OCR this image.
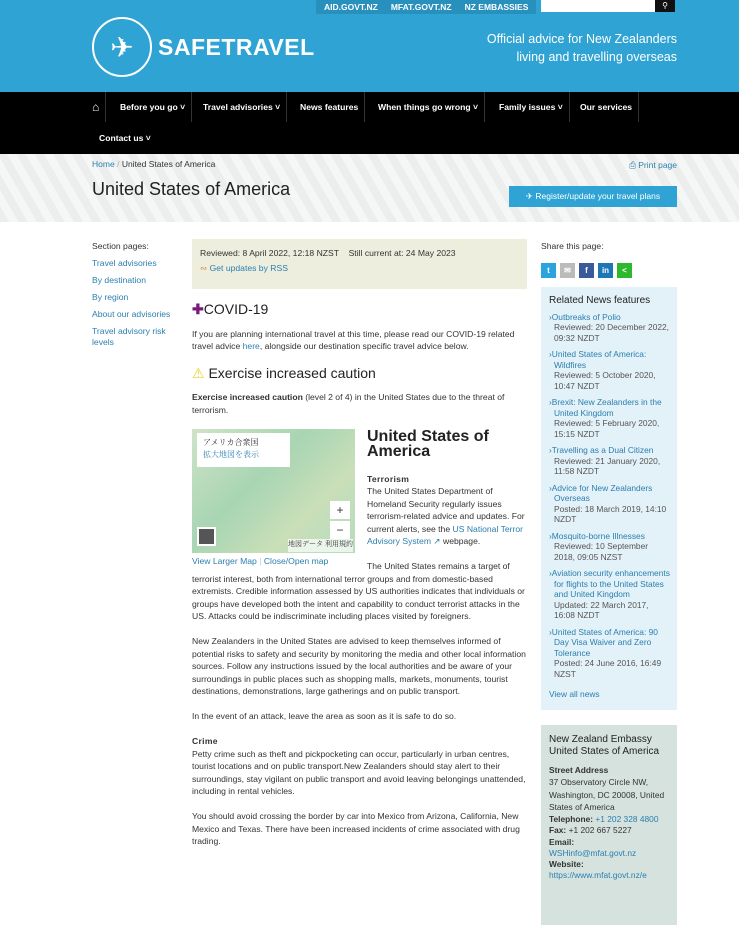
AID.GOVT.NZ MFAT.GOVT.NZ NZ EMBASSIES	⚲
✈ SAFETRAVEL	Official advice for New Zealanders
living and travelling overseas
⌂	Before you go ˅	Travel advisories ˅	News features	When things go wrong ˅	Family issues ˅	Our services
Contact us ˅
Home / United States of America	⎙ Print page
United States of America	✈ Register/update your travel plans
Section pages:
Travel advisories
By destination
By region
About our advisories
Travel advisory risk levels
Reviewed: 8 April 2022, 12:18 NZST Still current at: 24 May 2023
∾ Get updates by RSS
✚COVID-19

If you are planning international travel at this time, please read our COVID-19 related travel advice here, alongside our destination specific travel advice below.

⚠ Exercise increased caution

Exercise increased caution (level 2 of 4) in the United States due to the threat of terrorism.

アメリカ合衆国
拡大地図を表示
+
−
地図データ 利用規約
View Larger Map | Close/Open map
United States of America
Terrorism

The United States Department of Homeland Security regularly issues terrorism-related advice and updates. For current alerts, see the US National Terror Advisory System ↗ webpage.

The United States remains a target of terrorist interest, both from international terror groups and from domestic-based extremists. Credible information assessed by US authorities indicates that individuals or groups have developed both the intent and capability to conduct terrorist attacks in the US. Attacks could be indiscriminate including places visited by foreigners.

New Zealanders in the United States are advised to keep themselves informed of potential risks to safety and security by monitoring the media and other local information sources. Follow any instructions issued by the local authorities and be aware of your surroundings in public places such as shopping malls, markets, monuments, tourist destinations, demonstrations, large gatherings and on public transport.

In the event of an attack, leave the area as soon as it is safe to do so.

Crime

Petty crime such as theft and pickpocketing can occur, particularly in urban centres, tourist locations and on public transport.New Zealanders should stay alert to their surroundings, stay vigilant on public transport and avoid leaving belongings unattended, including in rental vehicles.

You should avoid crossing the border by car into Mexico from Arizona, California, New Mexico and Texas. There have been increased incidents of crime associated with drug trading.

Share this page:
t ✉ f in <
Related News features
›Outbreaks of Polio
Reviewed: 20 December 2022, 09:32 NZDT
›United States of America: Wildfires
Reviewed: 5 October 2020, 10:47 NZDT
›Brexit: New Zealanders in the United Kingdom
Reviewed: 5 February 2020, 15:15 NZDT
›Travelling as a Dual Citizen
Reviewed: 21 January 2020, 11:58 NZDT
›Advice for New Zealanders Overseas
Posted: 18 March 2019, 14:10 NZDT
›Mosquito-borne Illnesses
Reviewed: 10 September 2018, 09:05 NZST
›Aviation security enhancements for flights to the United States and United Kingdom
Updated: 22 March 2017, 16:08 NZDT
›United States of America: 90 Day Visa Waiver and Zero Tolerance
Posted: 24 June 2016, 16:49 NZST
View all news
New Zealand Embassy United States of America
Street Address
37 Observatory Circle NW, Washington, DC 20008, United States of America
Telephone: +1 202 328 4800
Fax: +1 202 667 5227
Email:
WSHinfo@mfat.govt.nz
Website:
https://www.mfat.govt.nz/e
